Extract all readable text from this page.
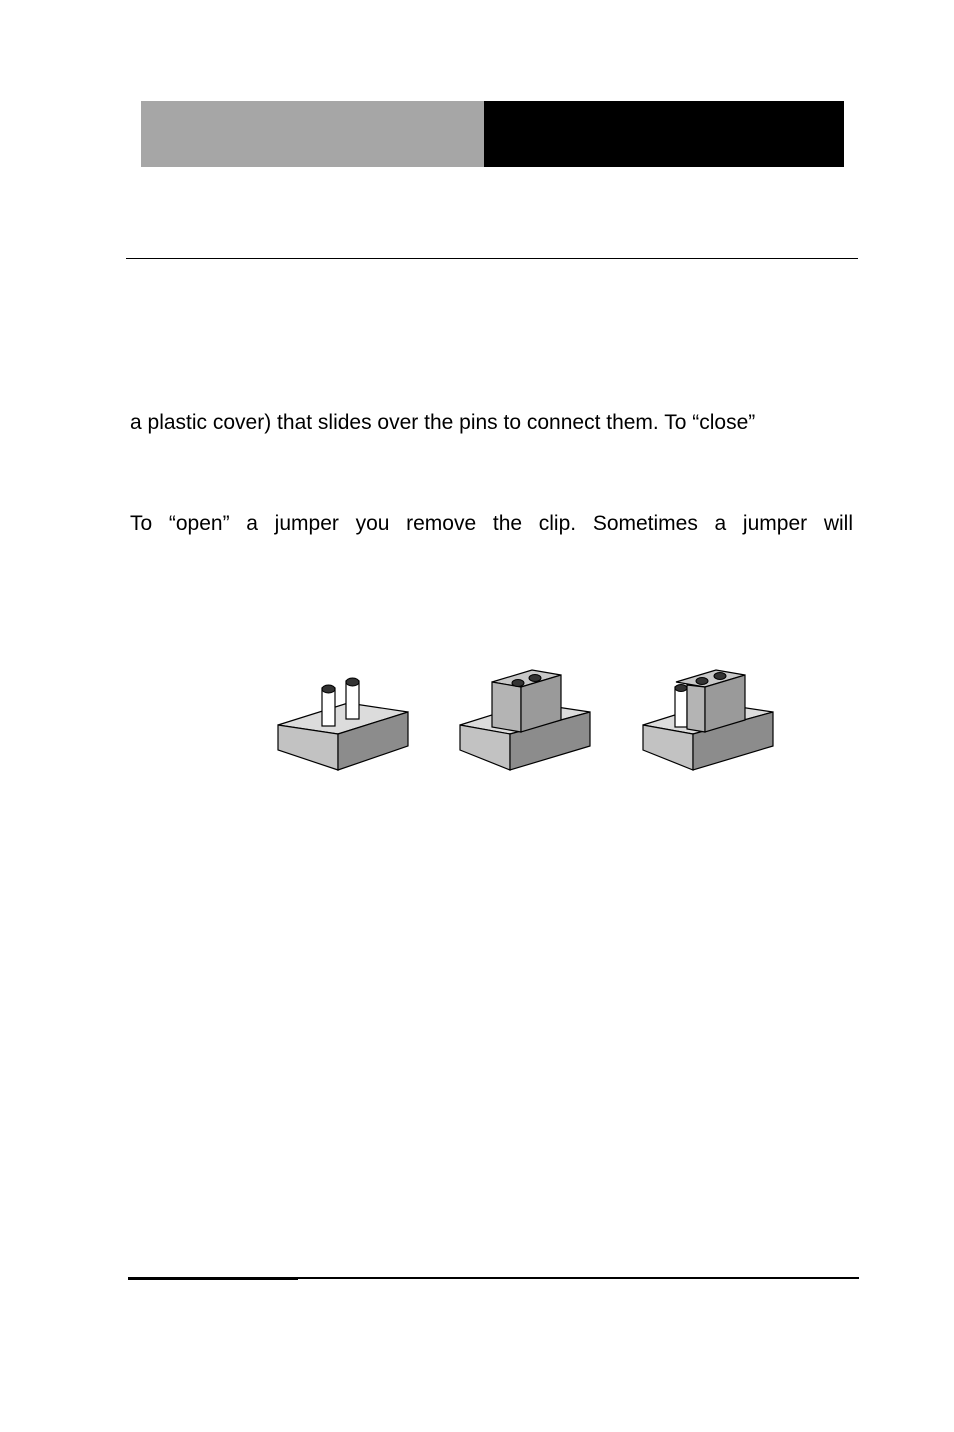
a plastic cover) that slides over the pins to connect them. To “close”
To “open” a jumper you remove the clip. Sometimes a jumper will
